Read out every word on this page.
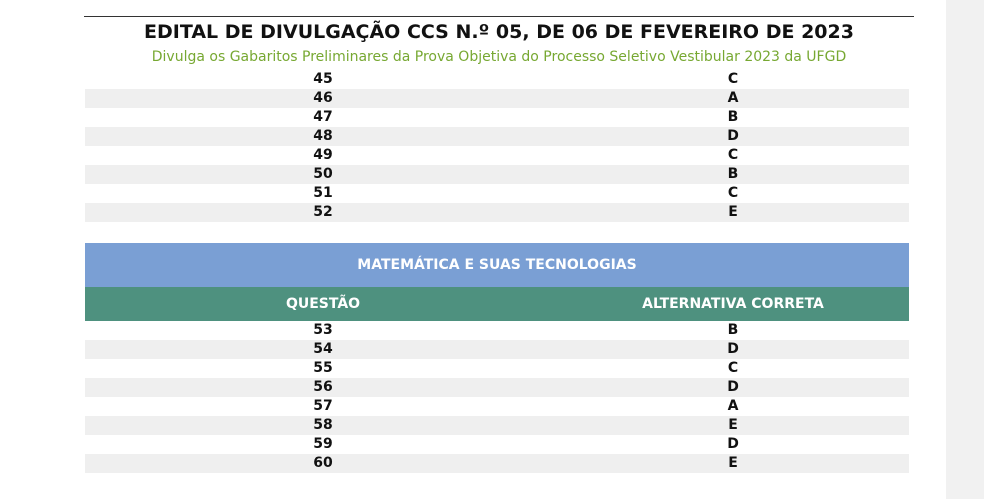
EDITAL DE DIVULGAÇÃO CCS N.º 05, DE 06 DE FEVEREIRO DE 2023
Divulga os Gabaritos Preliminares da Prova Objetiva do Processo Seletivo Vestibular 2023 da UFGD
45	C
46	A
47	B
48	D
49	C
50	B
51	C
52	E
MATEMÁTICA E SUAS TECNOLOGIAS
QUESTÃO	ALTERNATIVA CORRETA
53	B
54	D
55	C
56	D
57	A
58	E
59	D
60	E
